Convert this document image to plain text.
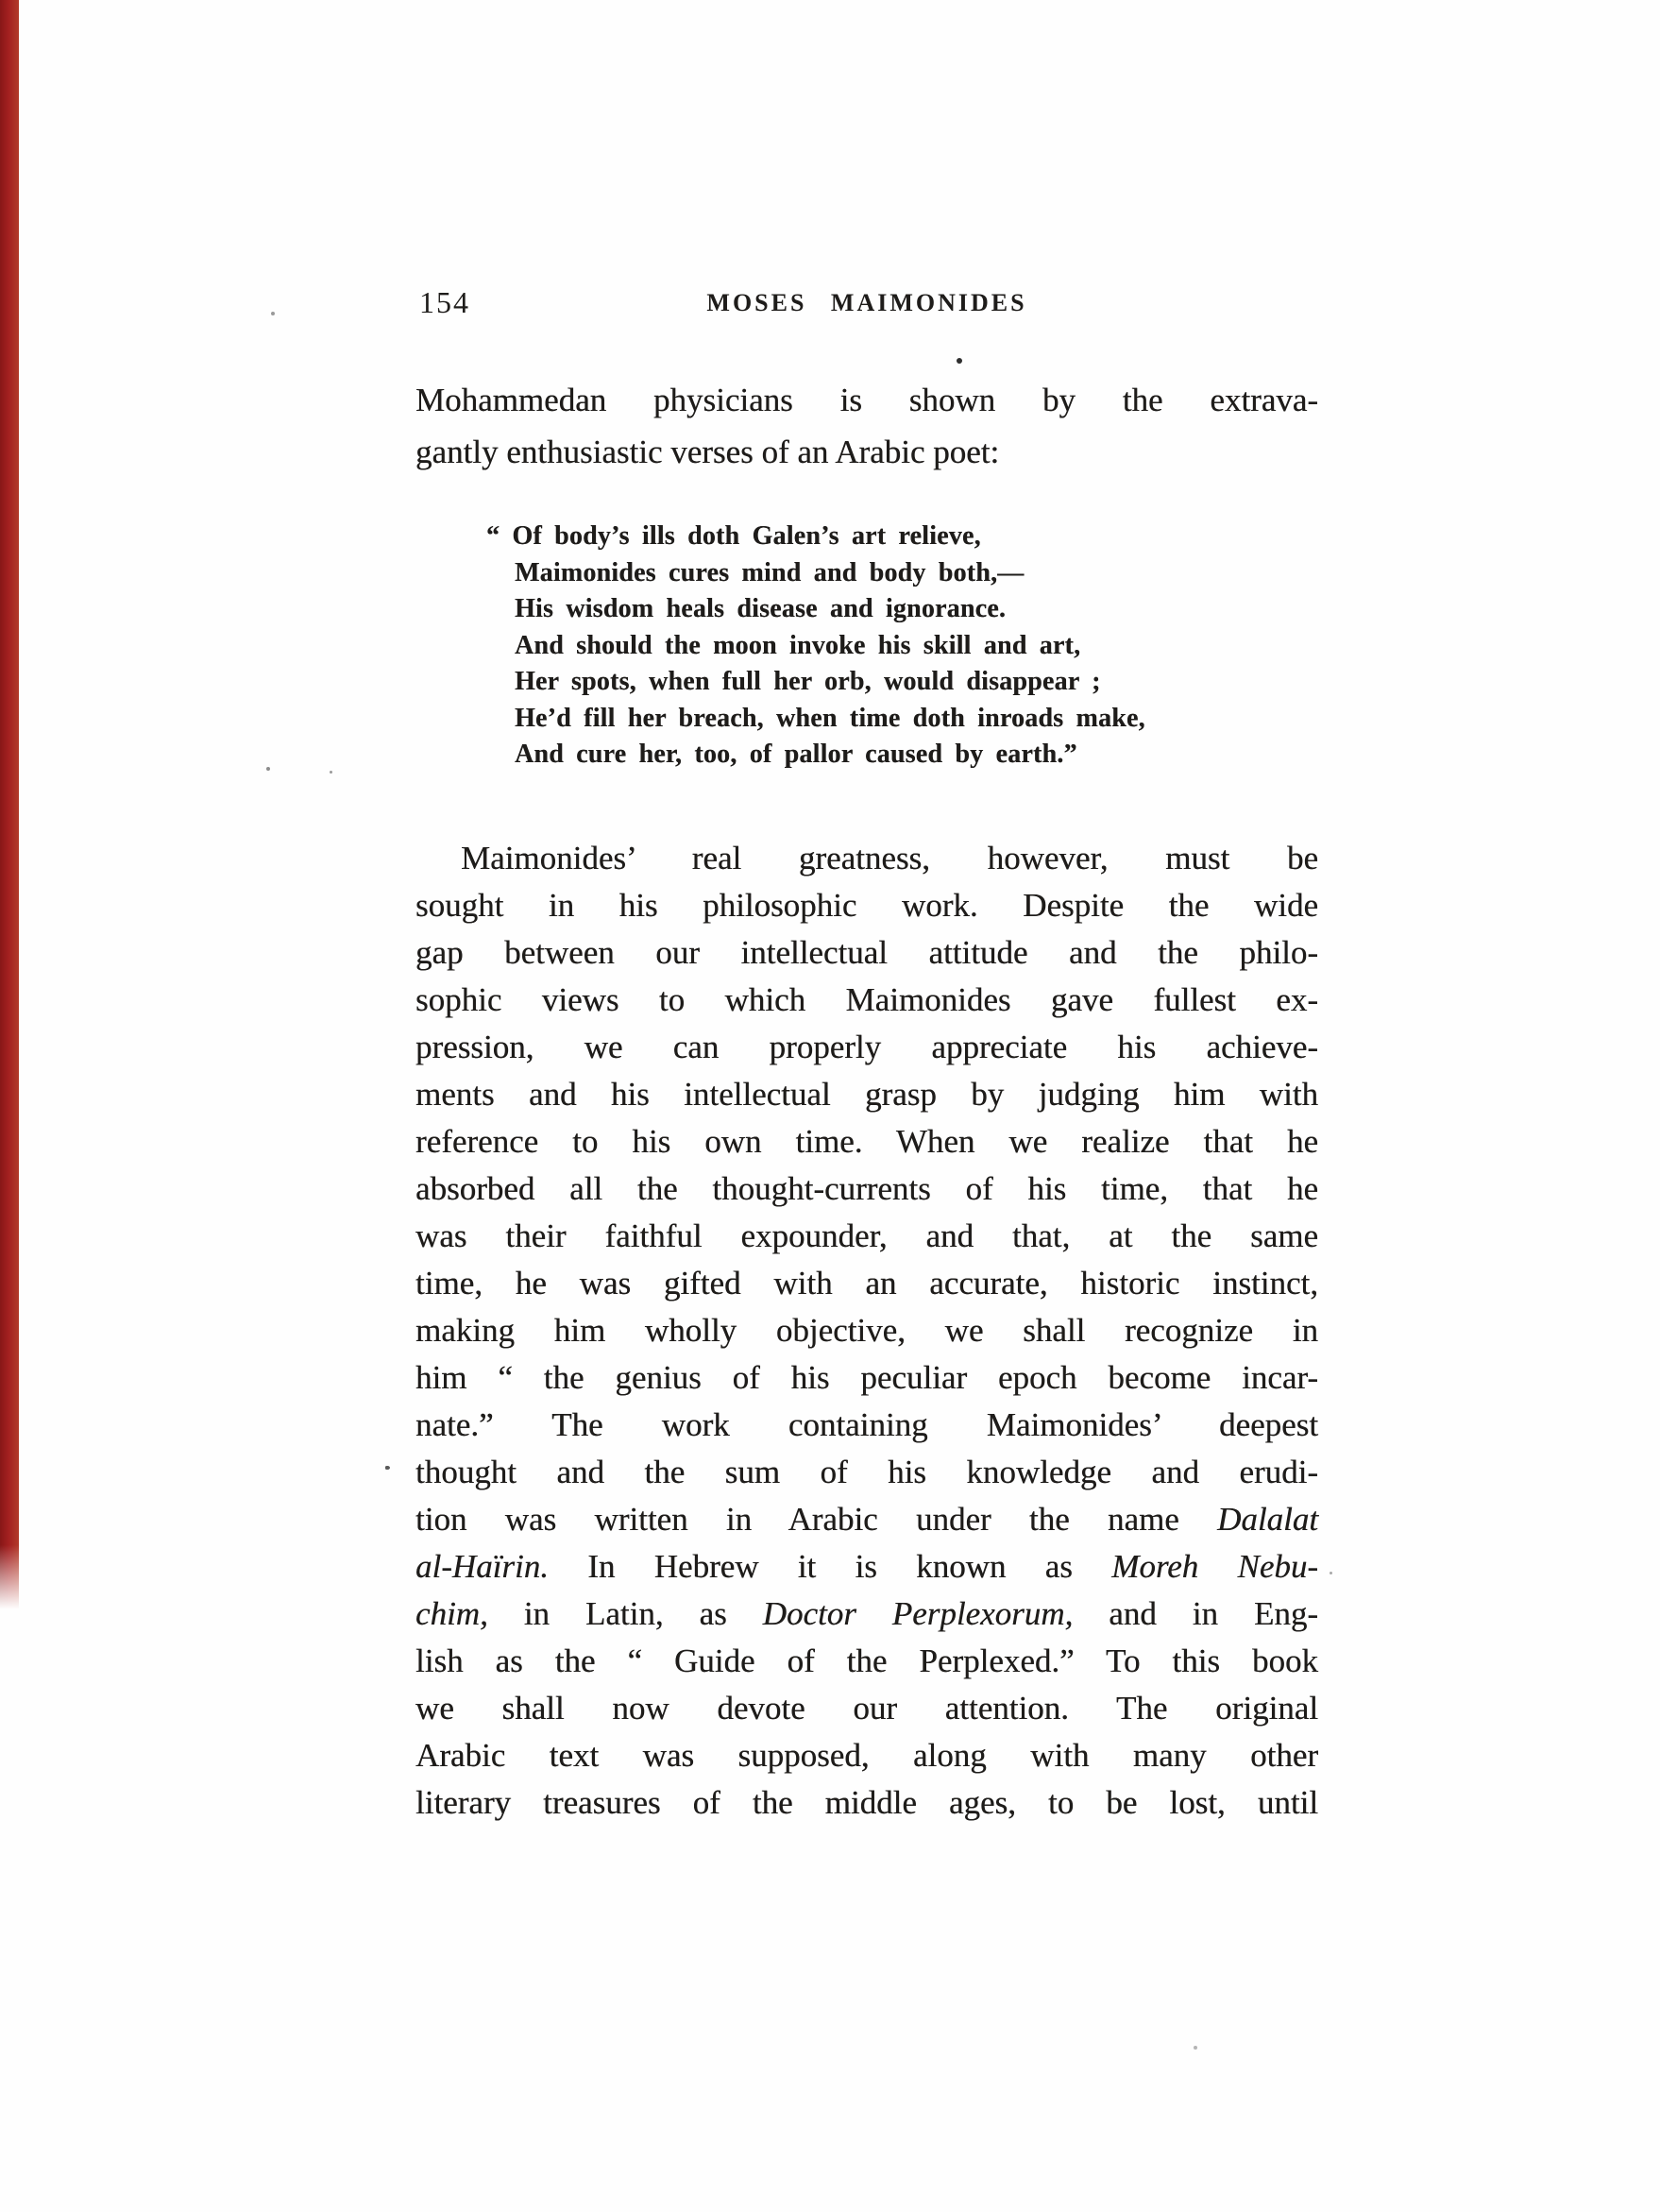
154	MOSES MAIMONIDES
Mohammedan physicians is shown by the extrava-
gantly enthusiastic verses of an Arabic poet:
“ Of body’s ills doth Galen’s art relieve,
Maimonides cures mind and body both,—
His wisdom heals disease and ignorance.
And should the moon invoke his skill and art,
Her spots, when full her orb, would disappear ;
He’d fill her breach, when time doth inroads make,
And cure her, too, of pallor caused by earth.”
Maimonides’ real greatness, however, must be
sought in his philosophic work. Despite the wide
gap between our intellectual attitude and the philo-
sophic views to which Maimonides gave fullest ex-
pression, we can properly appreciate his achieve-
ments and his intellectual grasp by judging him with
reference to his own time. When we realize that he
absorbed all the thought-currents of his time, that he
was their faithful expounder, and that, at the same
time, he was gifted with an accurate, historic instinct,
making him wholly objective, we shall recognize in
him “ the genius of his peculiar epoch become incar-
nate.” The work containing Maimonides’ deepest
thought and the sum of his knowledge and erudi-
tion was written in Arabic under the name Dalalat
al-Haïrin. In Hebrew it is known as Moreh Nebu-
chim, in Latin, as Doctor Perplexorum, and in Eng-
lish as the “ Guide of the Perplexed.” To this book
we shall now devote our attention. The original
Arabic text was supposed, along with many other
literary treasures of the middle ages, to be lost, until
